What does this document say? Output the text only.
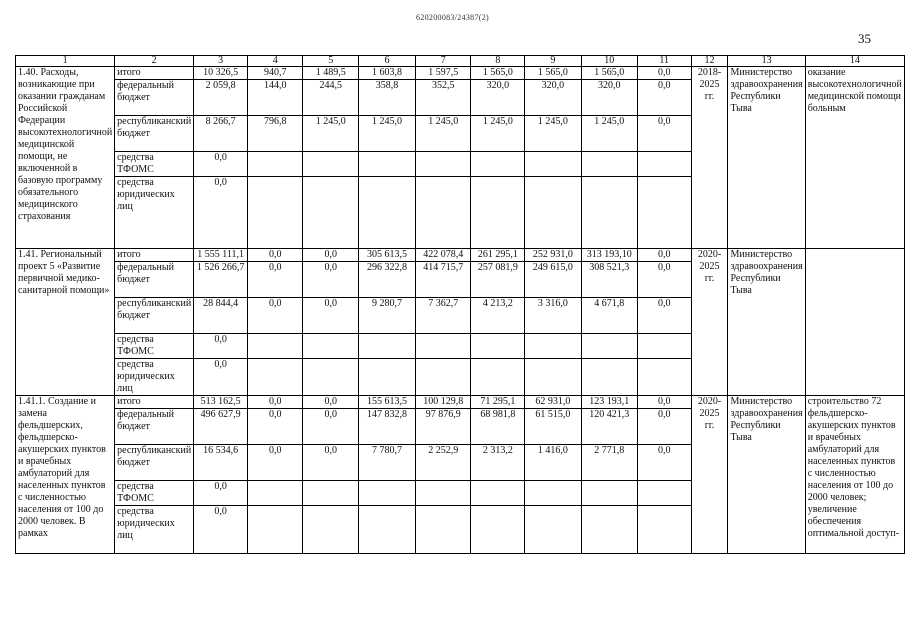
620200083/24387(2)
35
1	2	3	4	5	6	7	8	9	10	11	12	13	14
1.40. Расходы, возникающие при оказании гражданам Российской Федерации высокотехнологичной медицинской помощи, не включенной в базовую программу обязательного медицинского страхования	итого	10 326,5	940,7	1 489,5	1 603,8	1 597,5	1 565,0	1 565,0	1 565,0	0,0	2018-2025 гг.	Министерство здравоохранения Республики Тыва	оказание высокотехнологичной медицинской помощи больным
	федеральный бюджет	2 059,8	144,0	244,5	358,8	352,5	320,0	320,0	320,0	0,0			
	республиканский бюджет	8 266,7	796,8	1 245,0	1 245,0	1 245,0	1 245,0	1 245,0	1 245,0	0,0			
	средства ТФОМС	0,0											
	средства юридических лиц	0,0											
1.41. Региональный проект 5 «Развитие первичной медико-санитарной помощи»	итого	1 555 111,1	0,0	0,0	305 613,5	422 078,4	261 295,1	252 931,0	313 193,10	0,0	2020-2025 гг.	Министерство здравоохранения Республики Тыва	
	федеральный бюджет	1 526 266,7	0,0	0,0	296 322,8	414 715,7	257 081,9	249 615,0	308 521,3	0,0			
	республиканский бюджет	28 844,4	0,0	0,0	9 280,7	7 362,7	4 213,2	3 316,0	4 671,8	0,0			
	средства ТФОМС	0,0											
	средства юридических лиц	0,0											
1.41.1. Создание и замена фельдшерских, фельдшерско-акушерских пунктов и врачебных амбулаторий для населенных пунктов с численностью населения от 100 до 2000 человек. В рамках	итого	513 162,5	0,0	0,0	155 613,5	100 129,8	71 295,1	62 931,0	123 193,1	0,0	2020-2025 гг.	Министерство здравоохранения Республики Тыва	строительство 72 фельдшерско-акушерских пунктов и врачебных амбулаторий для населенных пунктов с численностью населения от 100 до 2000 человек; увеличение обеспечения оптимальной доступ-
	федеральный бюджет	496 627,9	0,0	0,0	147 832,8	97 876,9	68 981,8	61 515,0	120 421,3	0,0			
	республиканский бюджет	16 534,6	0,0	0,0	7 780,7	2 252,9	2 313,2	1 416,0	2 771,8	0,0			
	средства ТФОМС	0,0											
	средства юридических лиц	0,0											
